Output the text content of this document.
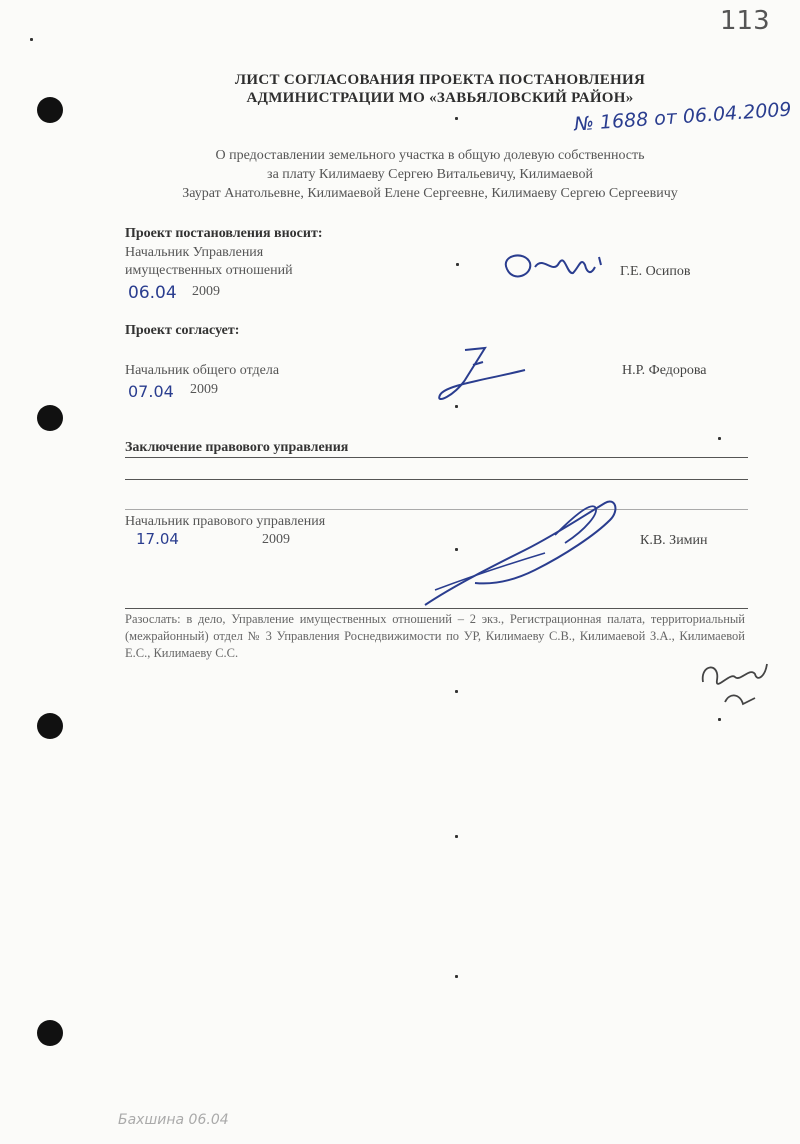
113
ЛИСТ СОГЛАСОВАНИЯ ПРОЕКТА ПОСТАНОВЛЕНИЯ
АДМИНИСТРАЦИИ МО «ЗАВЬЯЛОВСКИЙ РАЙОН»
№ 1688 от 06.04.2009
О предоставлении земельного участка в общую долевую собственность
за плату Килимаеву Сергею Витальевичу, Килимаевой
Заурат Анатольевне, Килимаевой Елене Сергеевне, Килимаеву Сергею Сергеевичу
Проект постановления вносит:
Начальник Управления
имущественных отношений
06.04 2009
Г.Е. Осипов
Проект согласует:
Начальник общего отдела
07.04 2009
Н.Р. Федорова
Заключение правового управления
Начальник правового управления
17.04	2009	К.В. Зимин
Разослать: в дело, Управление имущественных отношений – 2 экз., Регистрационная палата, территориальный (межрайонный) отдел № 3 Управления Роснедвижимости по УР, Килимаеву С.В., Килимаевой З.А., Килимаевой Е.С., Килимаеву С.С.
Бахшина 06.04
